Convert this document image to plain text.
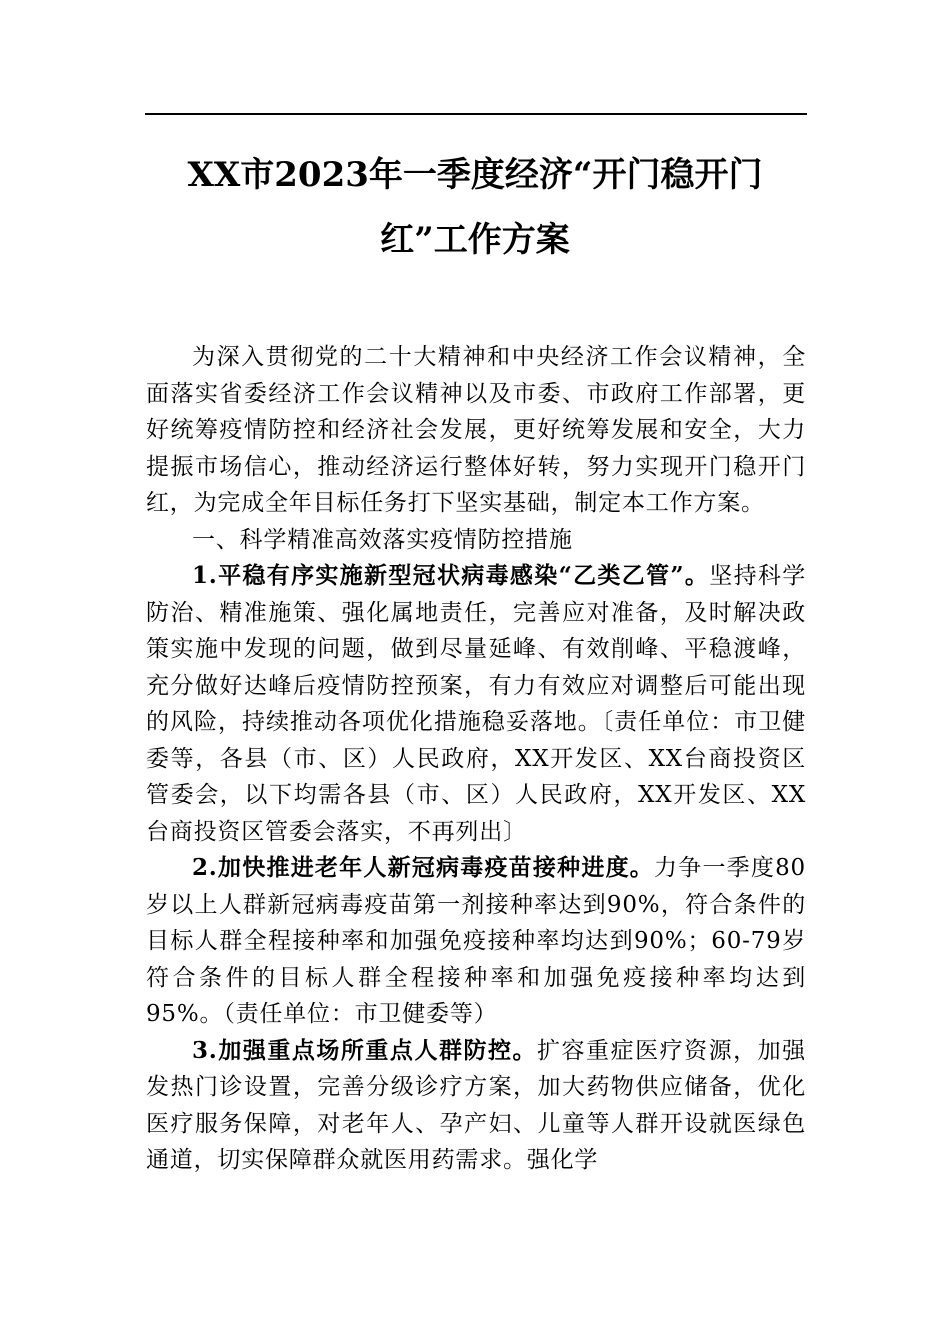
XX市2023年一季度经济“开门稳开门
红”工作方案

为深入贯彻党的二十大精神和中央经济工作会议精神，全面落实省委经济工作会议精神以及市委、市政府工作部署，更好统筹疫情防控和经济社会发展，更好统筹发展和安全，大力提振市场信心，推动经济运行整体好转，努力实现开门稳开门红，为完成全年目标任务打下坚实基础，制定本工作方案。

一、科学精准高效落实疫情防控措施

1.平稳有序实施新型冠状病毒感染“乙类乙管”。坚持科学防治、精准施策、强化属地责任，完善应对准备，及时解决政策实施中发现的问题，做到尽量延峰、有效削峰、平稳渡峰，充分做好达峰后疫情防控预案，有力有效应对调整后可能出现的风险，持续推动各项优化措施稳妥落地。〔责任单位：市卫健委等，各县（市、区）人民政府，XX开发区、XX台商投资区管委会，以下均需各县（市、区）人民政府，XX开发区、XX台商投资区管委会落实，不再列出〕

2.加快推进老年人新冠病毒疫苗接种进度。力争一季度80岁以上人群新冠病毒疫苗第一剂接种率达到90%，符合条件的目标人群全程接种率和加强免疫接种率均达到90%；60-79岁符合条件的目标人群全程接种率和加强免疫接种率均达到95%。（责任单位：市卫健委等）

3.加强重点场所重点人群防控。扩容重症医疗资源，加强发热门诊设置，完善分级诊疗方案，加大药物供应储备，优化医疗服务保障，对老年人、孕产妇、儿童等人群开设就医绿色通道，切实保障群众就医用药需求。强化学
